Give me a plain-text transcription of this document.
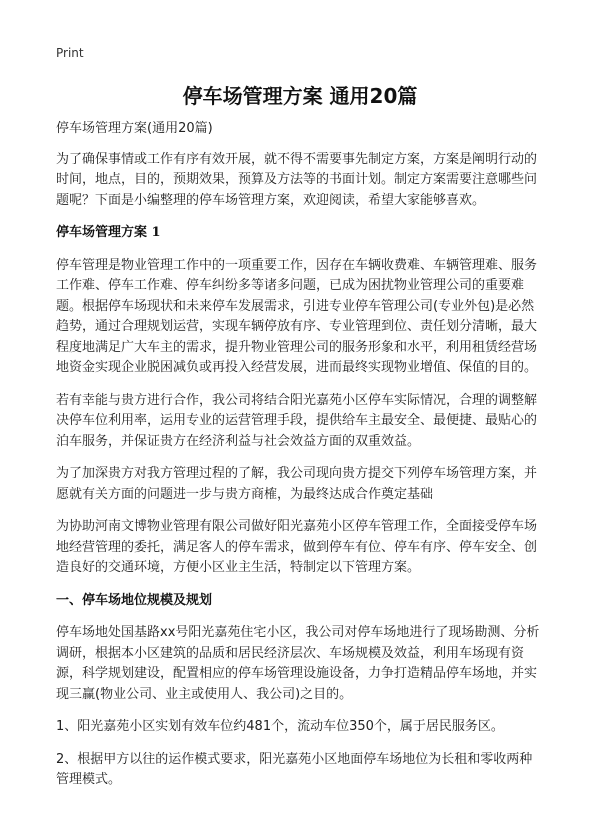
Print
停车场管理方案 通用20篇

停车场管理方案(通用20篇)

为了确保事情或工作有序有效开展，就不得不需要事先制定方案，方案是阐明行动的时间，地点，目的，预期效果，预算及方法等的书面计划。制定方案需要注意哪些问题呢？下面是小编整理的停车场管理方案，欢迎阅读，希望大家能够喜欢。

停车场管理方案 1

停车管理是物业管理工作中的一项重要工作，因存在车辆收费难、车辆管理难、服务工作难、停车工作难、停车纠纷多等诸多问题，已成为困扰物业管理公司的重要难题。根据停车场现状和未来停车发展需求，引进专业停车管理公司(专业外包)是必然趋势，通过合理规划运营，实现车辆停放有序、专业管理到位、责任划分清晰，最大程度地满足广大车主的需求，提升物业管理公司的服务形象和水平，利用租赁经营场地资金实现企业脱困减负或再投入经营发展，进而最终实现物业增值、保值的目的。

若有幸能与贵方进行合作，我公司将结合阳光嘉苑小区停车实际情况，合理的调整解决停车位利用率，运用专业的运营管理手段，提供给车主最安全、最便捷、最贴心的泊车服务，并保证贵方在经济利益与社会效益方面的双重效益。

为了加深贵方对我方管理过程的了解，我公司现向贵方提交下列停车场管理方案，并愿就有关方面的问题进一步与贵方商榷，为最终达成合作奠定基础

为协助河南文博物业管理有限公司做好阳光嘉苑小区停车管理工作，全面接受停车场地经营管理的委托，满足客人的停车需求，做到停车有位、停车有序、停车安全、创造良好的交通环境，方便小区业主生活，特制定以下管理方案。

一、停车场地位规模及规划

停车场地处国基路xx号阳光嘉苑住宅小区，我公司对停车场地进行了现场勘测、分析调研，根据本小区建筑的品质和居民经济层次、车场规模及效益，利用车场现有资源，科学规划建设，配置相应的停车场管理设施设备，力争打造精品停车场地，并实现三赢(物业公司、业主或使用人、我公司)之目的。

1、阳光嘉苑小区实划有效车位约481个，流动车位350个，属于居民服务区。

2、根据甲方以往的运作模式要求，阳光嘉苑小区地面停车场地位为长租和零收两种管理模式。
